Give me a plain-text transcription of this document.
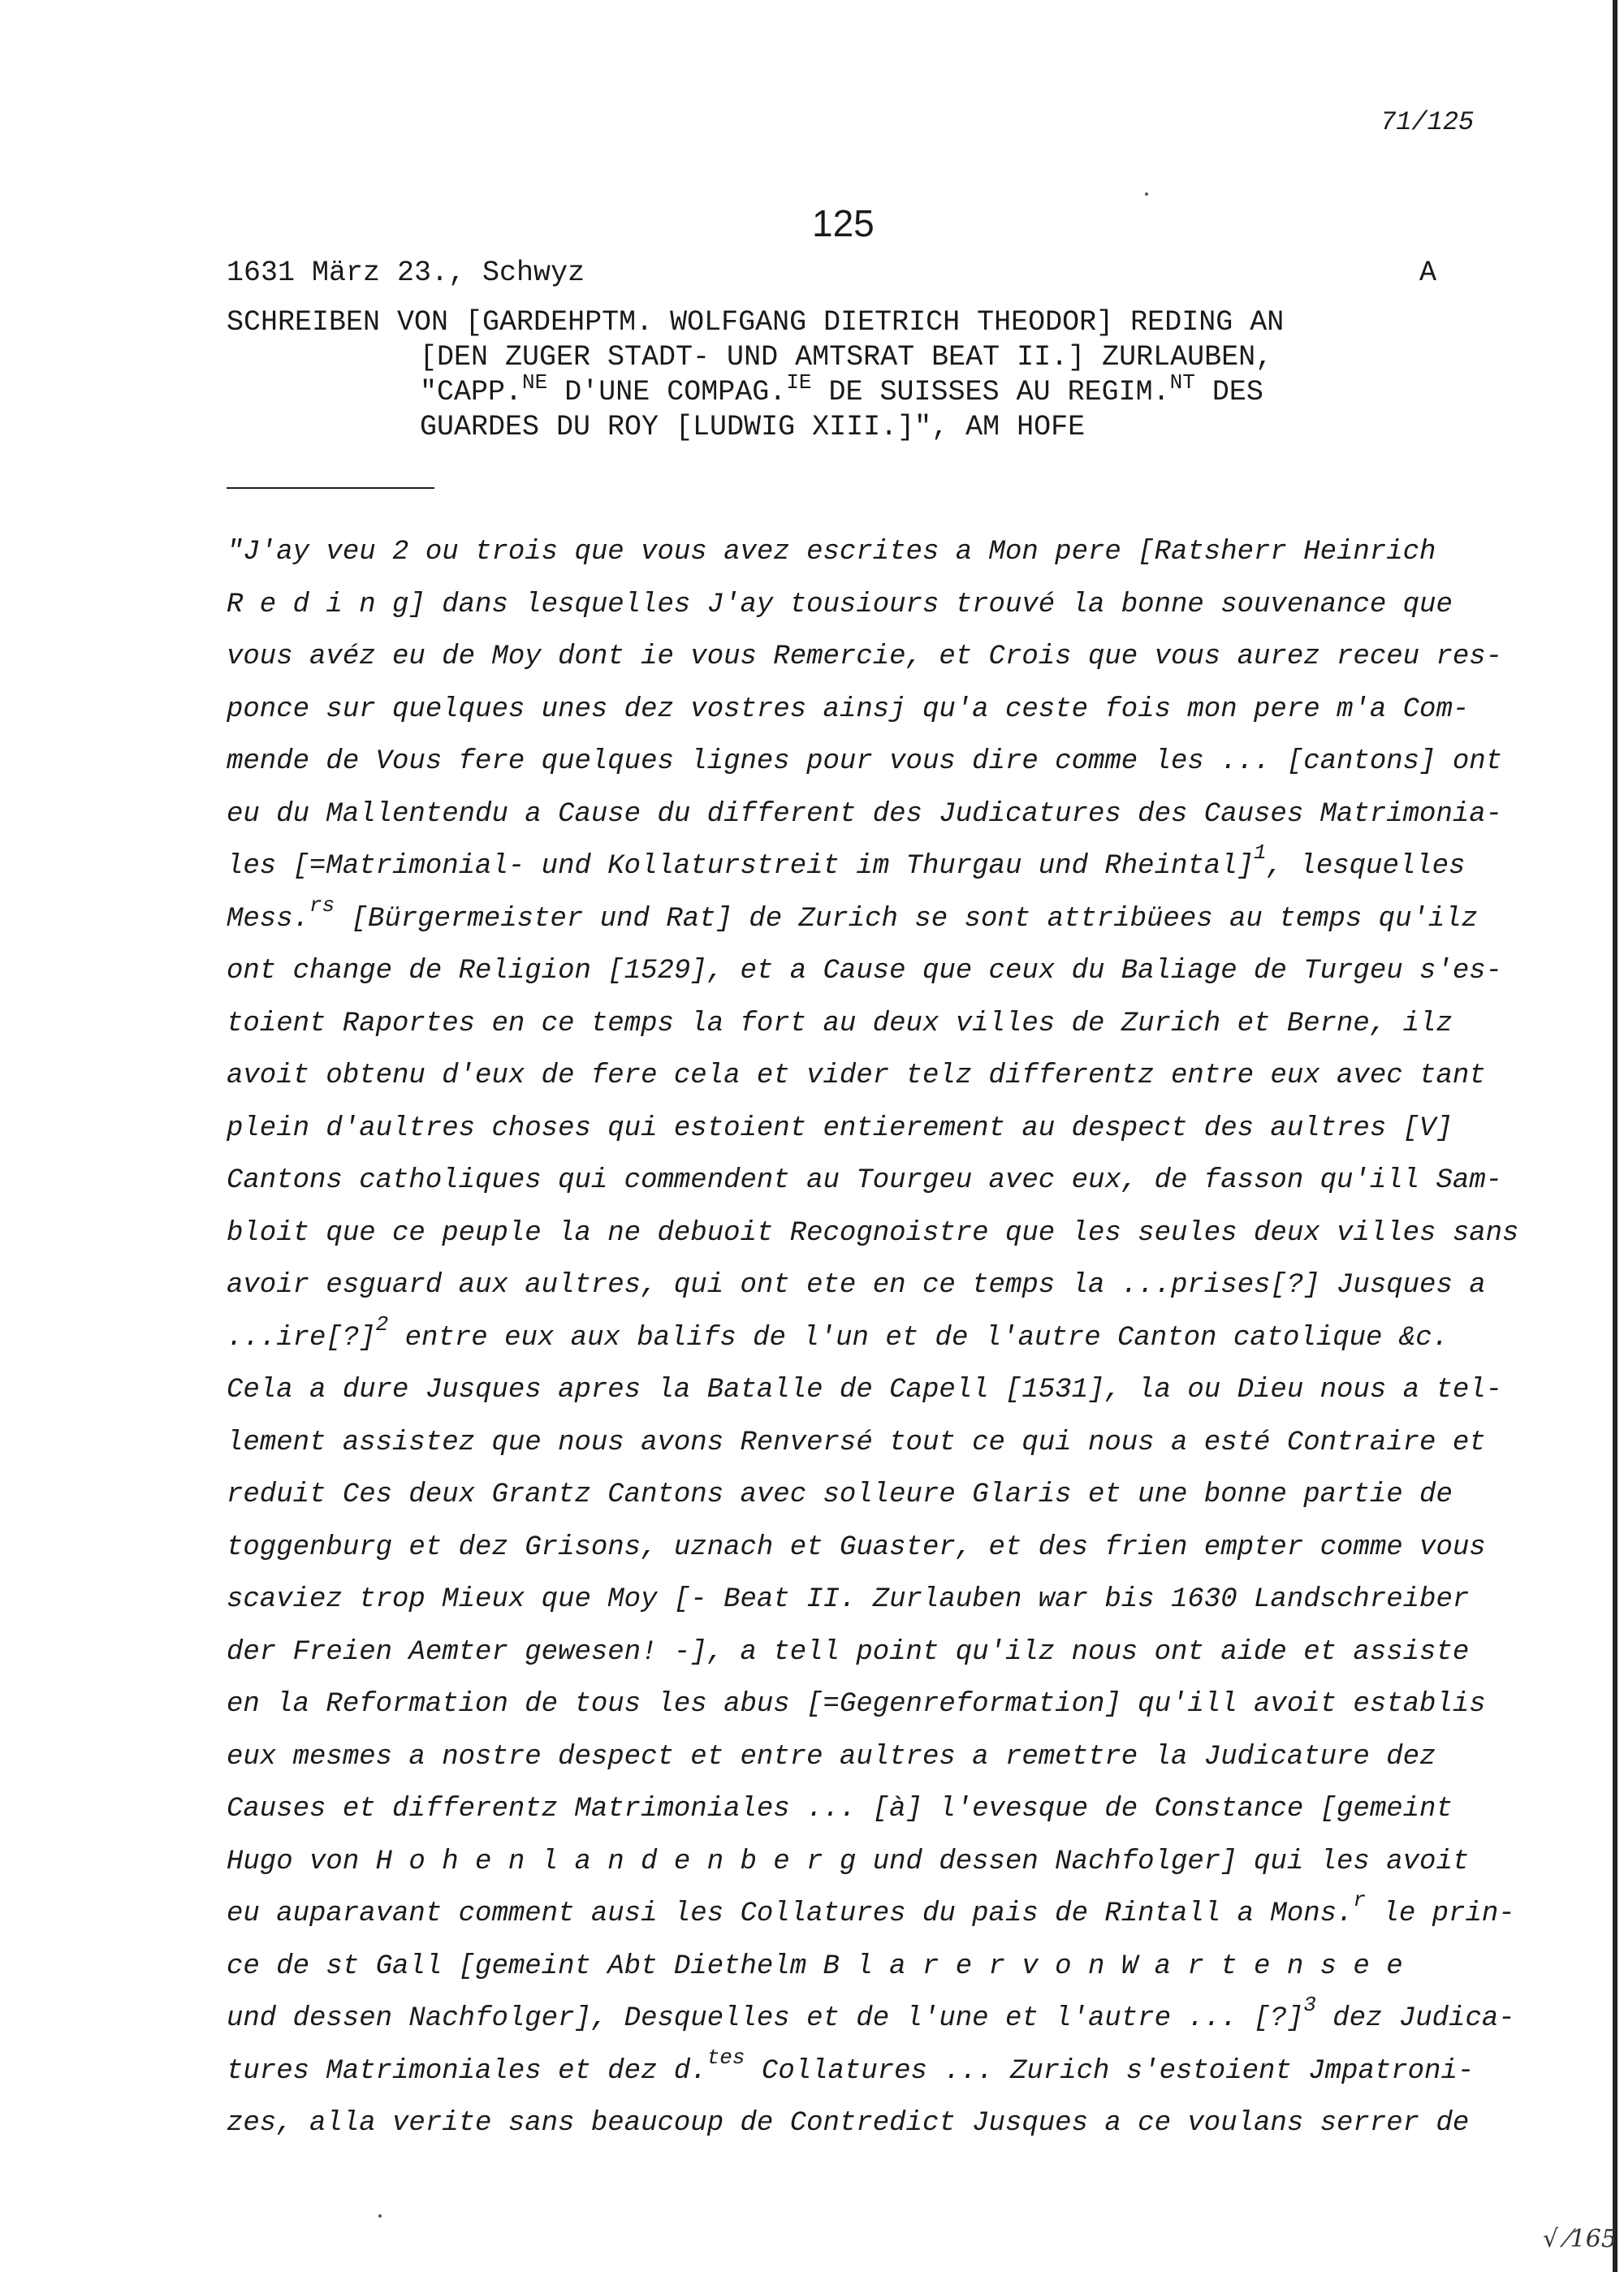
71/125
125
1631 März 23., Schwyz	A
SCHREIBEN VON [GARDEHPTM. WOLFGANG DIETRICH THEODOR] REDING AN
[DEN ZUGER STADT- UND AMTSRAT BEAT II.] ZURLAUBEN,
"CAPP.$^{NE}$ D'UNE COMPAG.$^{IE}$ DE SUISSES AU REGIM.$^{NT}$ DES
GUARDES DU ROY [LUDWIG XIII.]", AM HOFE
"J'ay veu 2 ou trois que vous avez escrites a Mon pere [Ratsherr Heinrich
R e d i n g] dans lesquelles J'ay tousiours trouvé la bonne souvenance que
vous avéz eu de Moy dont ie vous Remercie, et Crois que vous aurez receu res-
ponce sur quelques unes dez vostres ainsj qu'a ceste fois mon pere m'a Com-
mende de Vous fere quelques lignes pour vous dire comme les ... [cantons] ont
eu du Mallentendu a Cause du different des Judicatures des Causes Matrimonia-
les [=Matrimonial- und Kollaturstreit im Thurgau und Rheintal]$^1$, lesquelles
Mess.$^{rs}$ [Bürgermeister und Rat] de Zurich se sont attribüees au temps qu'ilz
ont change de Religion [1529], et a Cause que ceux du Baliage de Turgeu s'es-
toient Raportes en ce temps la fort au deux villes de Zurich et Berne, ilz
avoit obtenu d'eux de fere cela et vider telz differentz entre eux avec tant
plein d'aultres choses qui estoient entierement au despect des aultres [V]
Cantons catholiques qui commendent au Tourgeu avec eux, de fasson qu'ill Sam-
bloit que ce peuple la ne debuoit Recognoistre que les seules deux villes sans
avoir esguard aux aultres, qui ont ete en ce temps la ...prises[?] Jusques a
...ire[?]$^2$ entre eux aux balifs de l'un et de l'autre Canton catolique &c.
Cela a dure Jusques apres la Batalle de Capell [1531], la ou Dieu nous a tel-
lement assistez que nous avons Renversé tout ce qui nous a esté Contraire et
reduit Ces deux Grantz Cantons avec solleure Glaris et une bonne partie de
toggenburg et dez Grisons, uznach et Guaster, et des frien empter comme vous
scaviez trop Mieux que Moy [- Beat II. Zurlauben war bis 1630 Landschreiber
der Freien Aemter gewesen! -], a tell point qu'ilz nous ont aide et assiste
en la Reformation de tous les abus [=Gegenreformation] qu'ill avoit establis
eux mesmes a nostre despect et entre aultres a remettre la Judicature dez
Causes et differentz Matrimoniales ... [à] l'evesque de Constance [gemeint
Hugo von H o h e n l a n d e n b e r g und dessen Nachfolger] qui les avoit
eu auparavant comment ausi les Collatures du pais de Rintall a Mons.$^r$ le prin-
ce de st Gall [gemeint Abt Diethelm B l a r e r v o n W a r t e n s e e
und dessen Nachfolger], Desquelles et de l'une et l'autre ... [?]$^3$ dez Judica-
tures Matrimoniales et dez d.$^{tes}$ Collatures ... Zurich s'estoient Jmpatroni-
zes, alla verite sans beaucoup de Contredict Jusques a ce voulans serrer de
√ ⁄165
